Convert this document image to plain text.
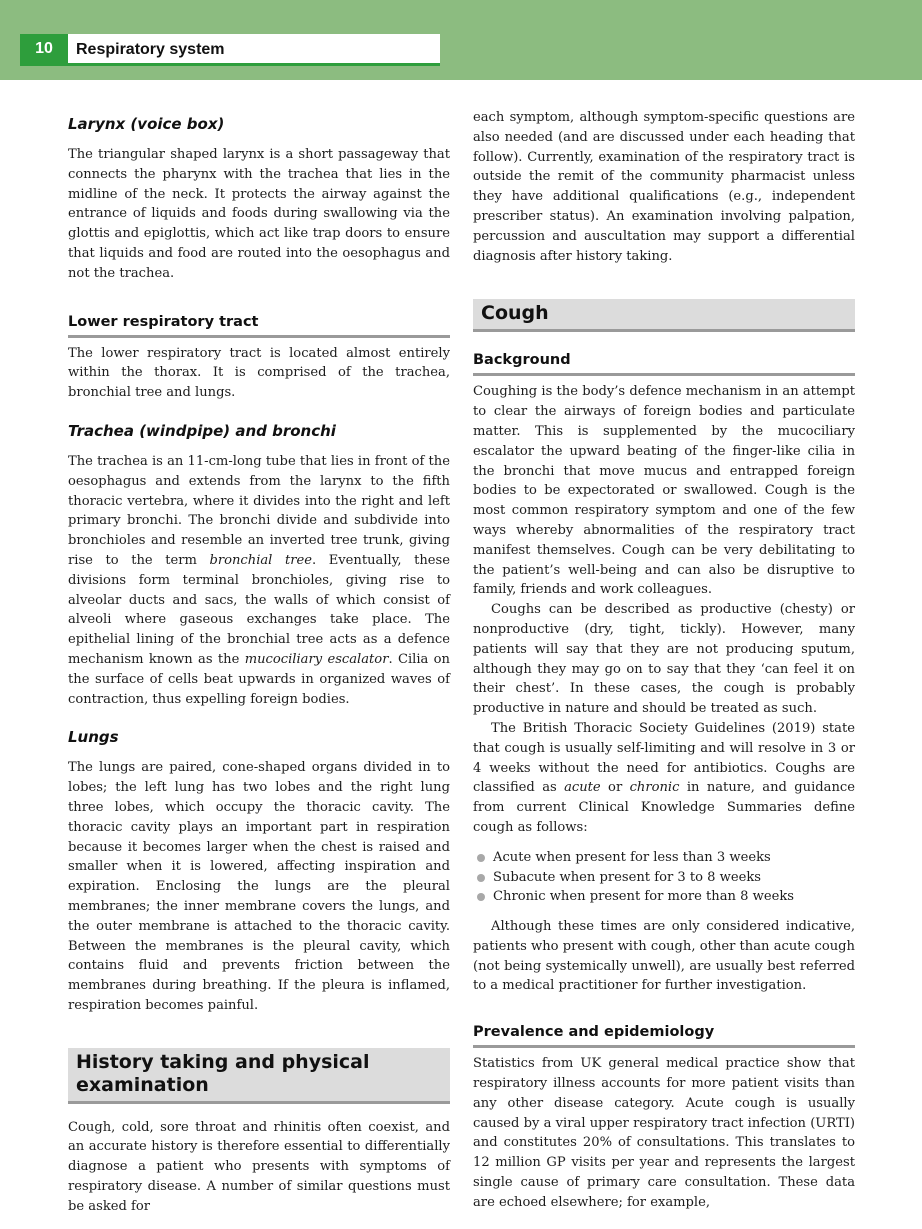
10	Respiratory system
Larynx (voice box)

The triangular shaped larynx is a short passageway that connects the pharynx with the trachea that lies in the midline of the neck. It protects the airway against the entrance of liquids and foods during swallowing via the glottis and epiglottis, which act like trap doors to ensure that liquids and food are routed into the oesophagus and not the trachea.

Lower respiratory tract

The lower respiratory tract is located almost entirely within the thorax. It is comprised of the trachea, bronchial tree and lungs.

Trachea (windpipe) and bronchi

The trachea is an 11-cm-long tube that lies in front of the oesophagus and extends from the larynx to the fifth thoracic vertebra, where it divides into the right and left primary bronchi. The bronchi divide and subdivide into bronchioles and resemble an inverted tree trunk, giving rise to the term bronchial tree. Eventually, these divisions form terminal bronchioles, giving rise to alveolar ducts and sacs, the walls of which consist of alveoli where gaseous exchanges take place. The epithelial lining of the bronchial tree acts as a defence mechanism known as the mucociliary escalator. Cilia on the surface of cells beat upwards in organized waves of contraction, thus expelling foreign bodies.

Lungs

The lungs are paired, cone-shaped organs divided in to lobes; the left lung has two lobes and the right lung three lobes, which occupy the thoracic cavity. The thoracic cavity plays an important part in respiration because it becomes larger when the chest is raised and smaller when it is lowered, affecting inspiration and expiration. Enclosing the lungs are the pleural membranes; the inner membrane covers the lungs, and the outer membrane is attached to the thoracic cavity. Between the membranes is the pleural cavity, which contains fluid and prevents friction between the membranes during breathing. If the pleura is inflamed, respiration becomes painful.

History taking and physical
examination

Cough, cold, sore throat and rhinitis often coexist, and an accurate history is therefore essential to differentially diagnose a patient who presents with symptoms of respiratory disease. A number of similar questions must be asked for

each symptom, although symptom-specific questions are also needed (and are discussed under each heading that follow). Currently, examination of the respiratory tract is outside the remit of the community pharmacist unless they have additional qualifications (e.g., independent prescriber status). An examination involving palpation, percussion and auscultation may support a differential diagnosis after history taking.

Cough
Background

Coughing is the body’s defence mechanism in an attempt to clear the airways of foreign bodies and particulate matter. This is supplemented by the mucociliary escalator the upward beating of the finger-like cilia in the bronchi that move mucus and entrapped foreign bodies to be expectorated or swallowed. Cough is the most common respiratory symptom and one of the few ways whereby abnormalities of the respiratory tract manifest themselves. Cough can be very debilitating to the patient’s well-being and can also be disruptive to family, friends and work colleagues.

Coughs can be described as productive (chesty) or nonproductive (dry, tight, tickly). However, many patients will say that they are not producing sputum, although they may go on to say that they ‘can feel it on their chest’. In these cases, the cough is probably productive in nature and should be treated as such.

The British Thoracic Society Guidelines (2019) state that cough is usually self-limiting and will resolve in 3 or 4 weeks without the need for antibiotics. Coughs are classified as acute or chronic in nature, and guidance from current Clinical Knowledge Summaries define cough as follows:

Acute when present for less than 3 weeks
Subacute when present for 3 to 8 weeks
Chronic when present for more than 8 weeks

Although these times are only considered indicative, patients who present with cough, other than acute cough (not being systemically unwell), are usually best referred to a medical practitioner for further investigation.

Prevalence and epidemiology

Statistics from UK general medical practice show that respiratory illness accounts for more patient visits than any other disease category. Acute cough is usually caused by a viral upper respiratory tract infection (URTI) and constitutes 20% of consultations. This translates to 12 million GP visits per year and represents the largest single cause of primary care consultation. These data are echoed elsewhere; for example,
